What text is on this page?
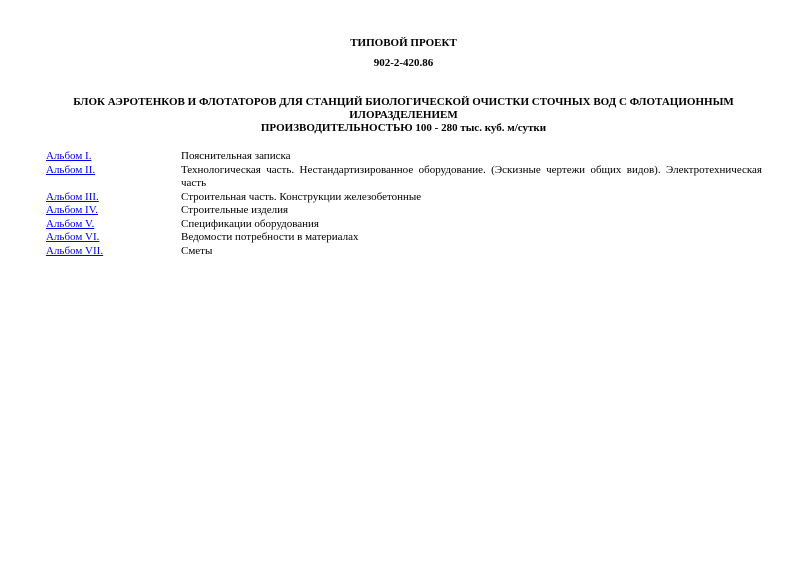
ТИПОВОЙ ПРОЕКТ
902-2-420.86
БЛОК АЭРОТЕНКОВ И ФЛОТАТОРОВ ДЛЯ СТАНЦИЙ БИОЛОГИЧЕСКОЙ ОЧИСТКИ СТОЧНЫХ ВОД С ФЛОТАЦИОННЫМ ИЛОРАЗДЕЛЕНИЕМ
ПРОИЗВОДИТЕЛЬНОСТЬЮ 100 - 280 тыс. куб. м/сутки
Альбом I.	Пояснительная записка
Альбом II.	Технологическая часть. Нестандартизированное оборудование. (Эскизные чертежи общих видов). Электротехническая часть
Альбом III.	Строительная часть. Конструкции железобетонные
Альбом IV.	Строительные изделия
Альбом V.	Спецификации оборудования
Альбом VI.	Ведомости потребности в материалах
Альбом VII.	Сметы
